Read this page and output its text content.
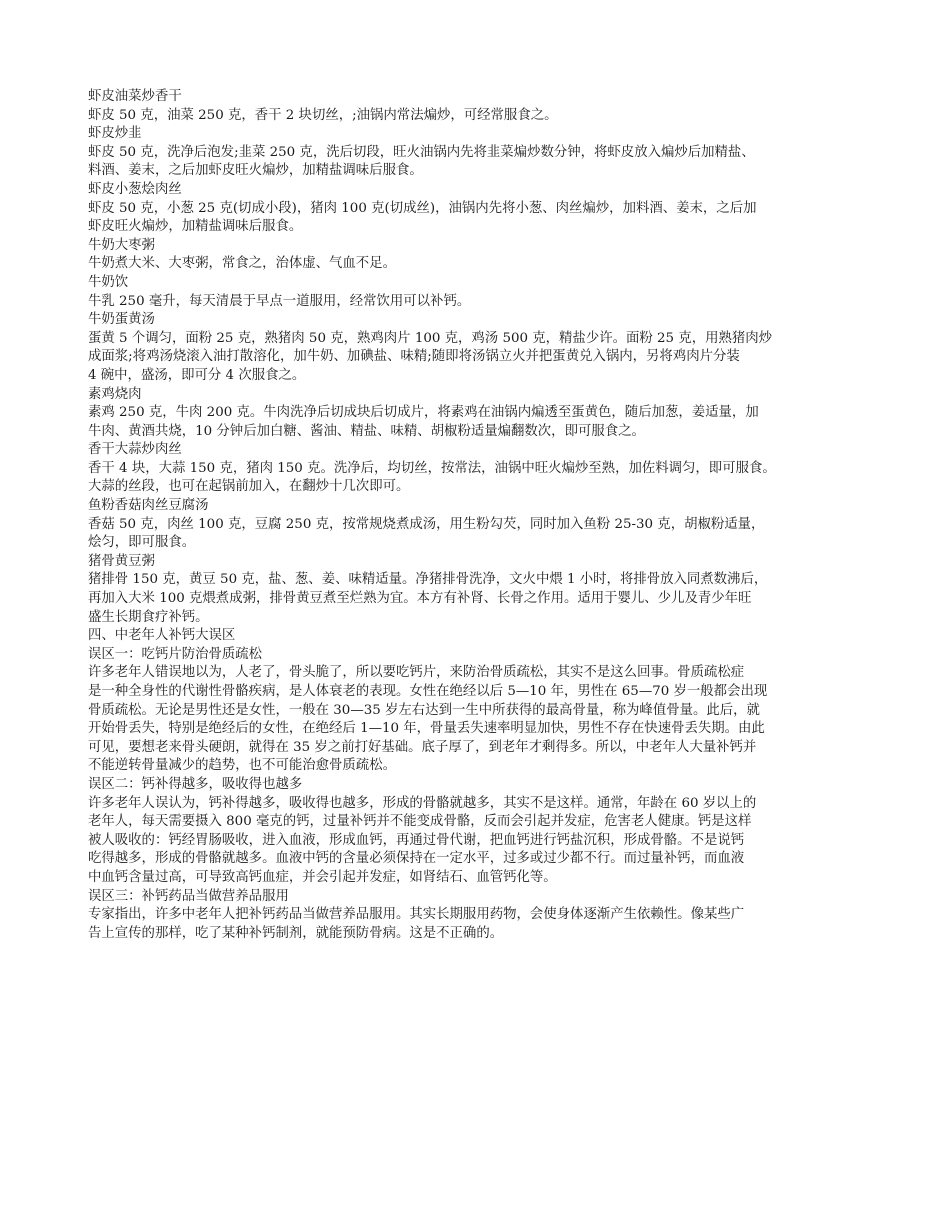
虾皮油菜炒香干
虾皮 50 克，油菜 250 克，香干 2 块切丝，;油锅内常法煸炒，可经常服食之。
虾皮炒韭
虾皮 50 克，洗净后泡发;韭菜 250 克，洗后切段，旺火油锅内先将韭菜煸炒数分钟，将虾皮放入煸炒后加精盐、
料酒、姜末，之后加虾皮旺火煸炒，加精盐调味后服食。
虾皮小葱烩肉丝
虾皮 50 克，小葱 25 克(切成小段)，猪肉 100 克(切成丝)，油锅内先将小葱、肉丝煸炒，加料酒、姜末，之后加
虾皮旺火煸炒，加精盐调味后服食。
牛奶大枣粥
牛奶煮大米、大枣粥，常食之，治体虚、气血不足。
牛奶饮
牛乳 250 毫升，每天清晨于早点一道服用，经常饮用可以补钙。
牛奶蛋黄汤
蛋黄 5 个调匀，面粉 25 克，熟猪肉 50 克，熟鸡肉片 100 克，鸡汤 500 克，精盐少许。面粉 25 克，用熟猪肉炒
成面浆;将鸡汤烧滚入油打散溶化，加牛奶、加碘盐、味精;随即将汤锅立火并把蛋黄兑入锅内，另将鸡肉片分装
4 碗中，盛汤，即可分 4 次服食之。
素鸡烧肉
素鸡 250 克，牛肉 200 克。牛肉洗净后切成块后切成片，将素鸡在油锅内煸透至蛋黄色，随后加葱，姜适量，加
牛肉、黄酒共烧，10 分钟后加白糖、酱油、精盐、味精、胡椒粉适量煸翻数次，即可服食之。
香干大蒜炒肉丝
香干 4 块，大蒜 150 克，猪肉 150 克。洗净后，均切丝，按常法，油锅中旺火煸炒至熟，加佐料调匀，即可服食。
大蒜的丝段，也可在起锅前加入，在翻炒十几次即可。
鱼粉香菇肉丝豆腐汤
香菇 50 克，肉丝 100 克，豆腐 250 克，按常规烧煮成汤，用生粉勾芡，同时加入鱼粉 25-30 克，胡椒粉适量，
烩匀，即可服食。
猪骨黄豆粥
猪排骨 150 克，黄豆 50 克，盐、葱、姜、味精适量。净猪排骨洗净，文火中煨 1 小时，将排骨放入同煮数沸后，
再加入大米 100 克煨煮成粥，排骨黄豆煮至烂熟为宜。本方有补肾、长骨之作用。适用于婴儿、少儿及青少年旺
盛生长期食疗补钙。
四、中老年人补钙大误区
误区一：吃钙片防治骨质疏松
许多老年人错误地以为，人老了，骨头脆了，所以要吃钙片，来防治骨质疏松，其实不是这么回事。骨质疏松症
是一种全身性的代谢性骨骼疾病，是人体衰老的表现。女性在绝经以后 5—10 年，男性在 65—70 岁一般都会出现
骨质疏松。无论是男性还是女性，一般在 30—35 岁左右达到一生中所获得的最高骨量，称为峰值骨量。此后，就
开始骨丢失，特别是绝经后的女性，在绝经后 1—10 年，骨量丢失速率明显加快，男性不存在快速骨丢失期。由此
可见，要想老来骨头硬朗，就得在 35 岁之前打好基础。底子厚了，到老年才剩得多。所以，中老年人大量补钙并
不能逆转骨量减少的趋势，也不可能治愈骨质疏松。
误区二：钙补得越多，吸收得也越多
许多老年人误认为，钙补得越多，吸收得也越多，形成的骨骼就越多，其实不是这样。通常，年龄在 60 岁以上的
老年人，每天需要摄入 800 毫克的钙，过量补钙并不能变成骨骼，反而会引起并发症，危害老人健康。钙是这样
被人吸收的：钙经胃肠吸收，进入血液，形成血钙，再通过骨代谢，把血钙进行钙盐沉积，形成骨骼。不是说钙
吃得越多，形成的骨骼就越多。血液中钙的含量必须保持在一定水平，过多或过少都不行。而过量补钙，而血液
中血钙含量过高，可导致高钙血症，并会引起并发症，如肾结石、血管钙化等。
误区三：补钙药品当做营养品服用
专家指出，许多中老年人把补钙药品当做营养品服用。其实长期服用药物，会使身体逐渐产生依赖性。像某些广
告上宣传的那样，吃了某种补钙制剂，就能预防骨病。这是不正确的。
